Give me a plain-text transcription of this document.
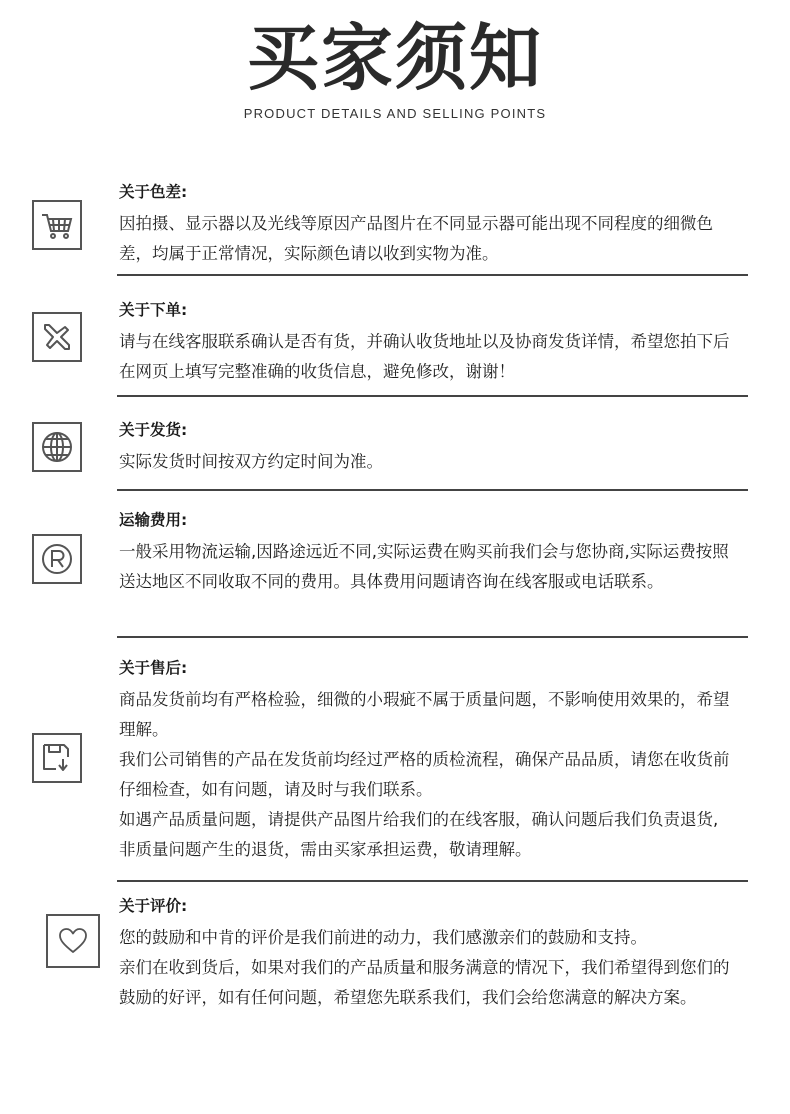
买家须知
PRODUCT DETAILS AND SELLING POINTS
关于色差:
因拍摄、显示器以及光线等原因产品图片在不同显示器可能出现不同程度的细微色差，均属于正常情况，实际颜色请以收到实物为准。
关于下单:
请与在线客服联系确认是否有货，并确认收货地址以及协商发货详情，希望您拍下后在网页上填写完整准确的收货信息，避免修改，谢谢！
关于发货:
实际发货时间按双方约定时间为准。
运输费用:
一般采用物流运输,因路途远近不同,实际运费在购买前我们会与您协商,实际运费按照送达地区不同收取不同的费用。具体费用问题请咨询在线客服或电话联系。
关于售后:
商品发货前均有严格检验，细微的小瑕疵不属于质量问题，不影响使用效果的，希望理解。
我们公司销售的产品在发货前均经过严格的质检流程，确保产品品质，请您在收货前仔细检查，如有问题，请及时与我们联系。
如遇产品质量问题，请提供产品图片给我们的在线客服，确认问题后我们负责退货,非质量问题产生的退货，需由买家承担运费，敬请理解。
关于评价:
您的鼓励和中肯的评价是我们前进的动力，我们感激亲们的鼓励和支持。
亲们在收到货后，如果对我们的产品质量和服务满意的情况下，我们希望得到您们的鼓励的好评，如有任何问题，希望您先联系我们，我们会给您满意的解决方案。
